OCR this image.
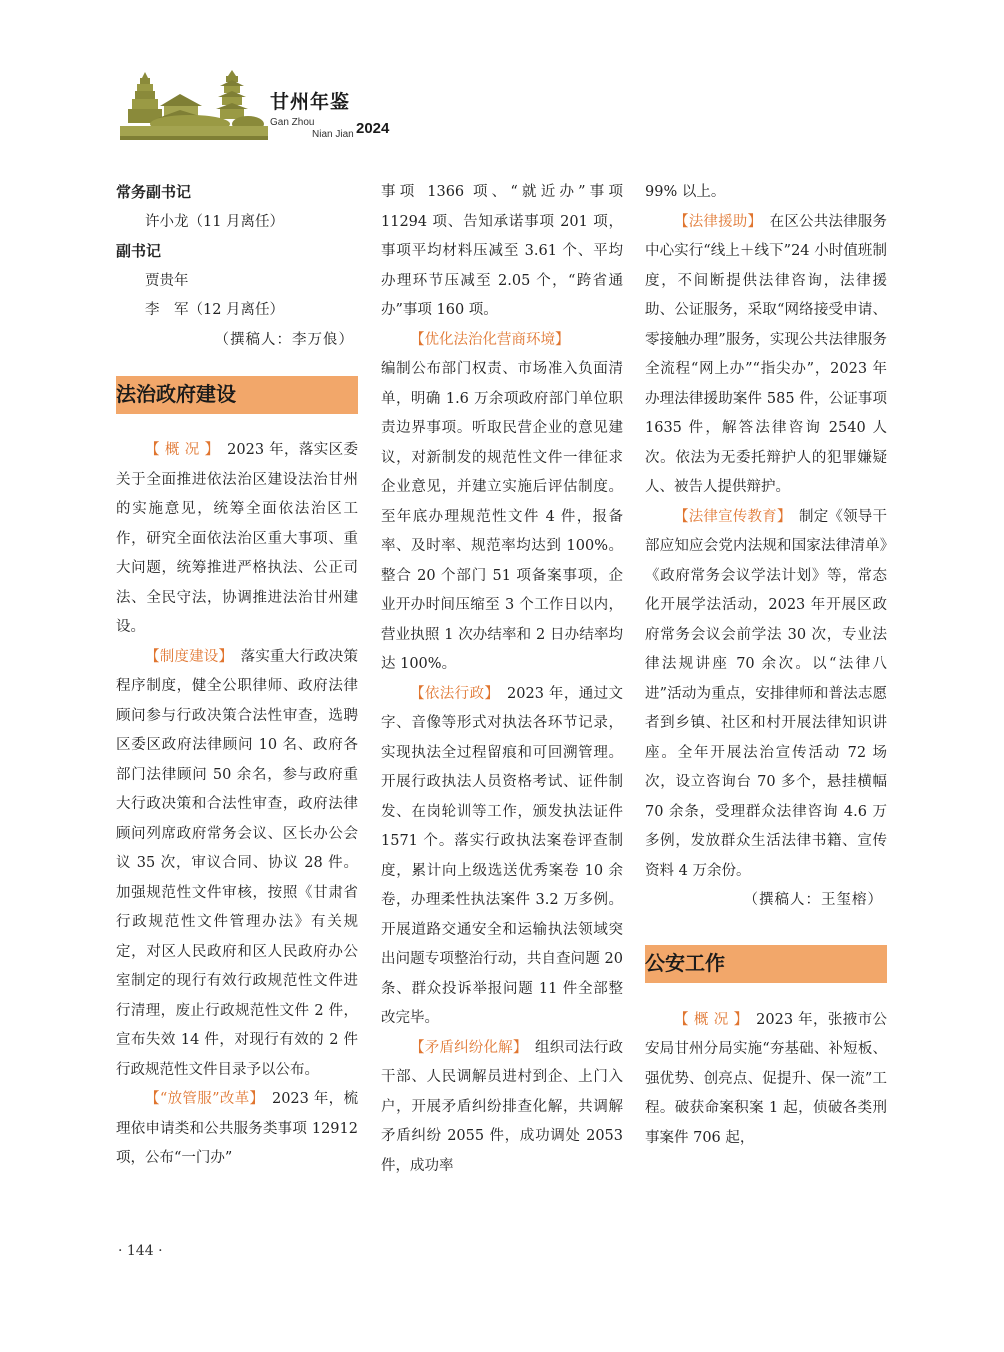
甘州年鉴
Gan Zhou
Nian Jian 2024

常务副书记

许小龙（11 月离任）

副书记

贾贵年

李　军（12 月离任）

（撰稿人：李万俍）

法治政府建设

【 概 况 】　2023 年，落实区委关于全面推进依法治区建设法治甘州的实施意见，统筹全面依法治区工作，研究全面依法治区重大事项、重大问题，统筹推进严格执法、公正司法、全民守法，协调推进法治甘州建设。

【制度建设】　落实重大行政决策程序制度，健全公职律师、政府法律顾问参与行政决策合法性审查，选聘区委区政府法律顾问 10 名、政府各部门法律顾问 50 余名，参与政府重大行政决策和合法性审查，政府法律顾问列席政府常务会议、区长办公会议 35 次，审议合同、协议 28 件。加强规范性文件审核，按照《甘肃省行政规范性文件管理办法》有关规定，对区人民政府和区人民政府办公室制定的现行有效行政规范性文件进行清理，废止行政规范性文件 2 件，宣布失效 14 件，对现行有效的 2 件行政规范性文件目录予以公布。

【“放管服”改革】　2023 年，梳理依申请类和公共服务类事项 12912 项，公布“一门办”

事项 1366 项、“就近办”事项 11294 项、告知承诺事项 201 项，事项平均材料压减至 3.61 个、平均办理环节压减至 2.05 个，“跨省通办”事项 160 项。

【优化法治化营商环境】
编制公布部门权责、市场准入负面清单，明确 1.6 万余项政府部门单位职责边界事项。听取民营企业的意见建议，对新制发的规范性文件一律征求企业意见，并建立实施后评估制度。至年底办理规范性文件 4 件，报备率、及时率、规范率均达到 100%。整合 20 个部门 51 项备案事项，企业开办时间压缩至 3 个工作日以内，营业执照 1 次办结率和 2 日办结率均达 100%。

【依法行政】　2023 年，通过文字、音像等形式对执法各环节记录，实现执法全过程留痕和可回溯管理。开展行政执法人员资格考试、证件制发、在岗轮训等工作，颁发执法证件 1571 个。落实行政执法案卷评查制度，累计向上级选送优秀案卷 10 余卷，办理柔性执法案件 3.2 万多例。开展道路交通安全和运输执法领域突出问题专项整治行动，共自查问题 20 条、群众投诉举报问题 11 件全部整改完毕。

【矛盾纠纷化解】　组织司法行政干部、人民调解员进村到企、上门入户，开展矛盾纠纷排查化解，共调解矛盾纠纷 2055 件，成功调处 2053 件，成功率

99% 以上。

【法律援助】　在区公共法律服务中心实行“线上＋线下”24 小时值班制度，不间断提供法律咨询，法律援助、公证服务，采取“网络接受申请、零接触办理”服务，实现公共法律服务全流程“网上办”“指尖办”，2023 年办理法律援助案件 585 件，公证事项 1635 件，解答法律咨询 2540 人次。依法为无委托辩护人的犯罪嫌疑人、被告人提供辩护。

【法律宣传教育】　制定《领导干部应知应会党内法规和国家法律清单》《政府常务会议学法计划》等，常态化开展学法活动，2023 年开展区政府常务会议会前学法 30 次，专业法律法规讲座 70 余次。以“法律八进”活动为重点，安排律师和普法志愿者到乡镇、社区和村开展法律知识讲座。全年开展法治宣传活动 72 场次，设立咨询台 70 多个，悬挂横幅 70 余条，受理群众法律咨询 4.6 万多例，发放群众生活法律书籍、宣传资料 4 万余份。

（撰稿人：王玺榕）

公安工作

【 概 况 】　2023 年，张掖市公安局甘州分局实施“夯基础、补短板、强优势、创亮点、促提升、保一流”工程。破获命案积案 1 起，侦破各类刑事案件 706 起，

· 144 ·
